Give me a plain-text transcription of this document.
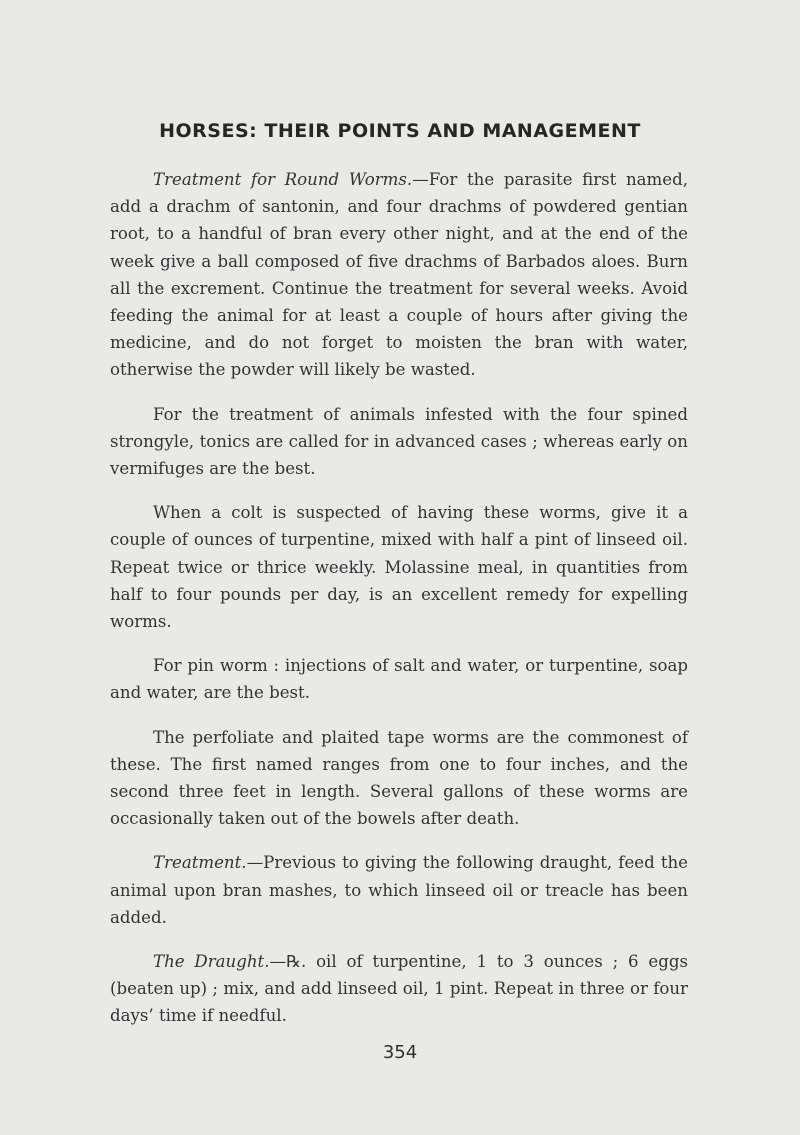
HORSES: THEIR POINTS AND MANAGEMENT

Treatment for Round Worms.—For the parasite first named, add a drachm of santonin, and four drachms of powdered gentian root, to a handful of bran every other night, and at the end of the week give a ball composed of five drachms of Barbados aloes. Burn all the excrement. Continue the treatment for several weeks. Avoid feeding the animal for at least a couple of hours after giving the medicine, and do not forget to moisten the bran with water, otherwise the powder will likely be wasted.

For the treatment of animals infested with the four spined strongyle, tonics are called for in advanced cases ; whereas early on vermifuges are the best.

When a colt is suspected of having these worms, give it a couple of ounces of turpentine, mixed with half a pint of linseed oil. Repeat twice or thrice weekly. Molassine meal, in quantities from half to four pounds per day, is an excellent remedy for expelling worms.

For pin worm : injections of salt and water, or turpentine, soap and water, are the best.

The perfoliate and plaited tape worms are the commonest of these. The first named ranges from one to four inches, and the second three feet in length. Several gallons of these worms are occasionally taken out of the bowels after death.

Treatment.—Previous to giving the following draught, feed the animal upon bran mashes, to which linseed oil or treacle has been added.

The Draught.—℞. oil of turpentine, 1 to 3 ounces ; 6 eggs (beaten up) ; mix, and add linseed oil, 1 pint. Repeat in three or four days’ time if needful.

354
